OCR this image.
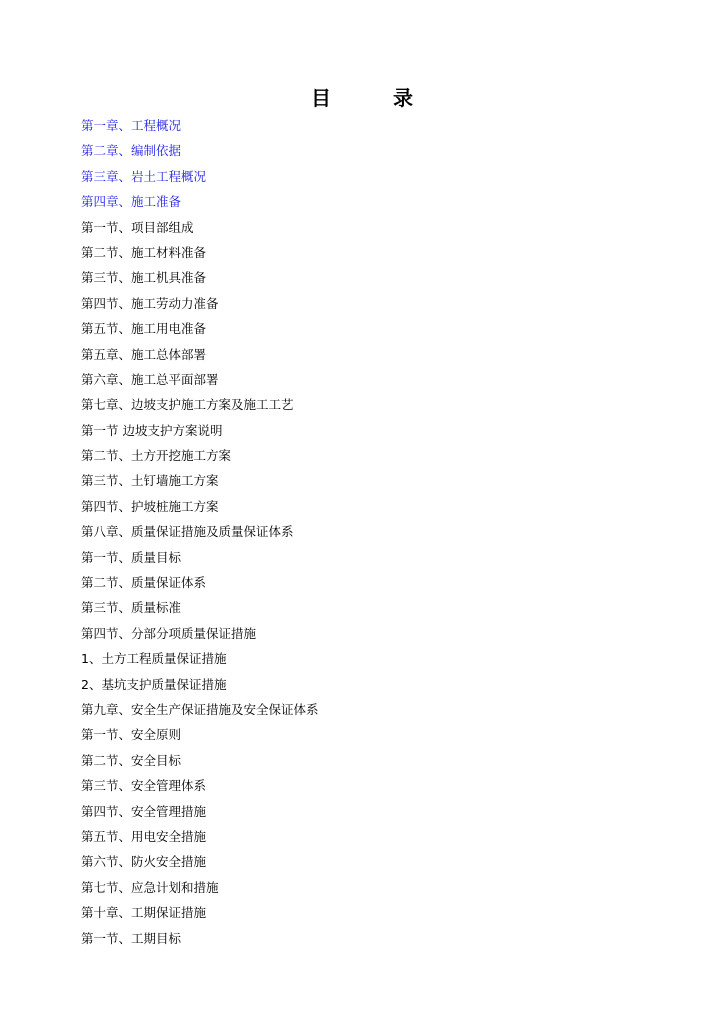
目	录
第一章、工程概况
第二章、编制依据
第三章、岩土工程概况
第四章、施工准备
第一节、项目部组成
第二节、施工材料准备
第三节、施工机具准备
第四节、施工劳动力准备
第五节、施工用电准备
第五章、施工总体部署
第六章、施工总平面部署
第七章、边坡支护施工方案及施工工艺
第一节 边坡支护方案说明
第二节、土方开挖施工方案
第三节、土钉墙施工方案
第四节、护坡桩施工方案
第八章、质量保证措施及质量保证体系
第一节、质量目标
第二节、质量保证体系
第三节、质量标准
第四节、分部分项质量保证措施
1、土方工程质量保证措施
2、基坑支护质量保证措施
第九章、安全生产保证措施及安全保证体系
第一节、安全原则
第二节、安全目标
第三节、安全管理体系
第四节、安全管理措施
第五节、用电安全措施
第六节、防火安全措施
第七节、应急计划和措施
第十章、工期保证措施
第一节、工期目标
